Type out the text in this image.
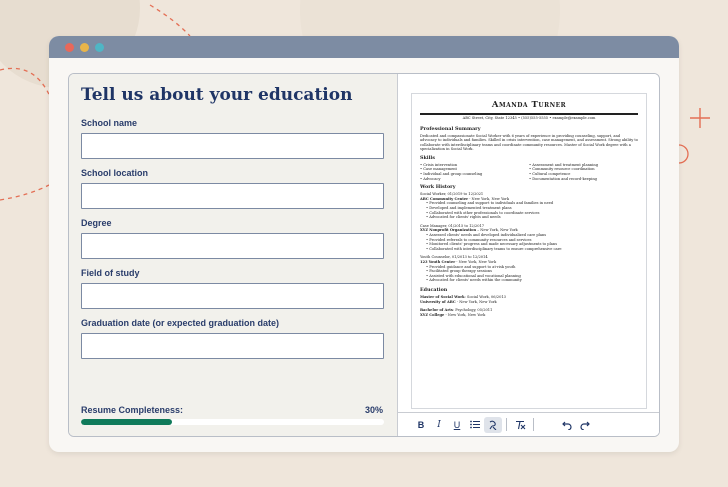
Tell us about your education
School name
School location
Degree
Field of study
Graduation date (or expected graduation date)
Resume Completeness:	30%
Amanda Turner
ABC Street, City, State 12345 • (555)555-5555 • example@example.com
Professional Summary
Dedicated and compassionate Social Worker with 6 years of experience in providing counseling, support, and advocacy to individuals and families. Skilled in crisis intervention, case management, and assessment. Strong ability to collaborate with interdisciplinary teams and coordinate community resources. Master of Social Work degree with a specialization in Social Work.
Skills
• Crisis intervention	• Assessment and treatment planning
• Case management	• Community resource coordination
• Individual and group counseling	• Cultural competence
• Advocacy	• Documentation and record-keeping
Work History
Social Worker, 01/2019 to 12/2021
ABC Community Center - New York, New York
• Provided counseling and support to individuals and families in need
• Developed and implemented treatment plans
• Collaborated with other professionals to coordinate services
• Advocated for clients' rights and needs
Case Manager, 01/2015 to 12/2017
XYZ Nonprofit Organization – New York, New York
• Assessed clients' needs and developed individualized care plans
• Provided referrals to community resources and services
• Monitored clients' progress and made necessary adjustments to plans
• Collaborated with interdisciplinary teams to ensure comprehensive care
Youth Counselor, 01/2013 to 12/2014
123 Youth Center - New York, New York
• Provided guidance and support to at-risk youth
• Facilitated group therapy sessions
• Assisted with educational and vocational planning
• Advocated for clients' needs within the community
Education
Master of Social Work: Social Work, 06/2013
University of ABC - New York, New York
Bachelor of Arts: Psychology, 05/2011
XYZ College - New York, New York
B	I	U
